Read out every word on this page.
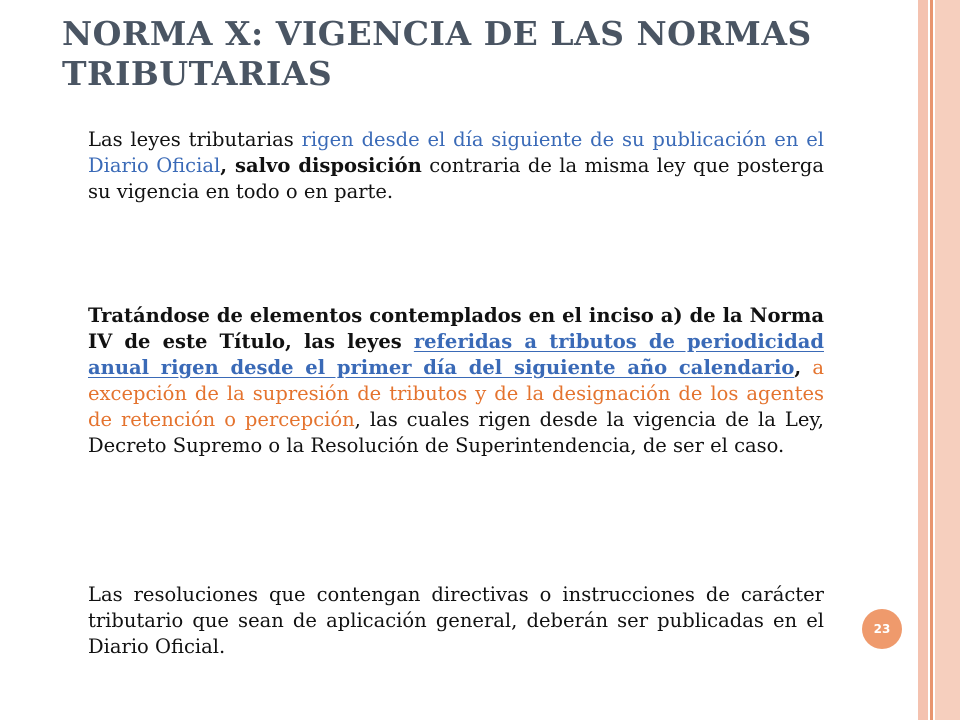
NORMA X: VIGENCIA DE LAS NORMAS TRIBUTARIAS

Las leyes tributarias rigen desde el día siguiente de su publicación en el Diario Oficial, salvo disposición contraria de la misma ley que posterga su vigencia en todo o en parte.

Tratándose de elementos contemplados en el inciso a) de la Norma IV de este Título, las leyes referidas a tributos de periodicidad anual rigen desde el primer día del siguiente año calendario, a excepción de la supresión de tributos y de la designación de los agentes de retención o percepción, las cuales rigen desde la vigencia de la Ley, Decreto Supremo o la Resolución de Superintendencia, de ser el caso.

Las resoluciones que contengan directivas o instrucciones de carácter tributario que sean de aplicación general, deberán ser publicadas en el Diario Oficial.

23
